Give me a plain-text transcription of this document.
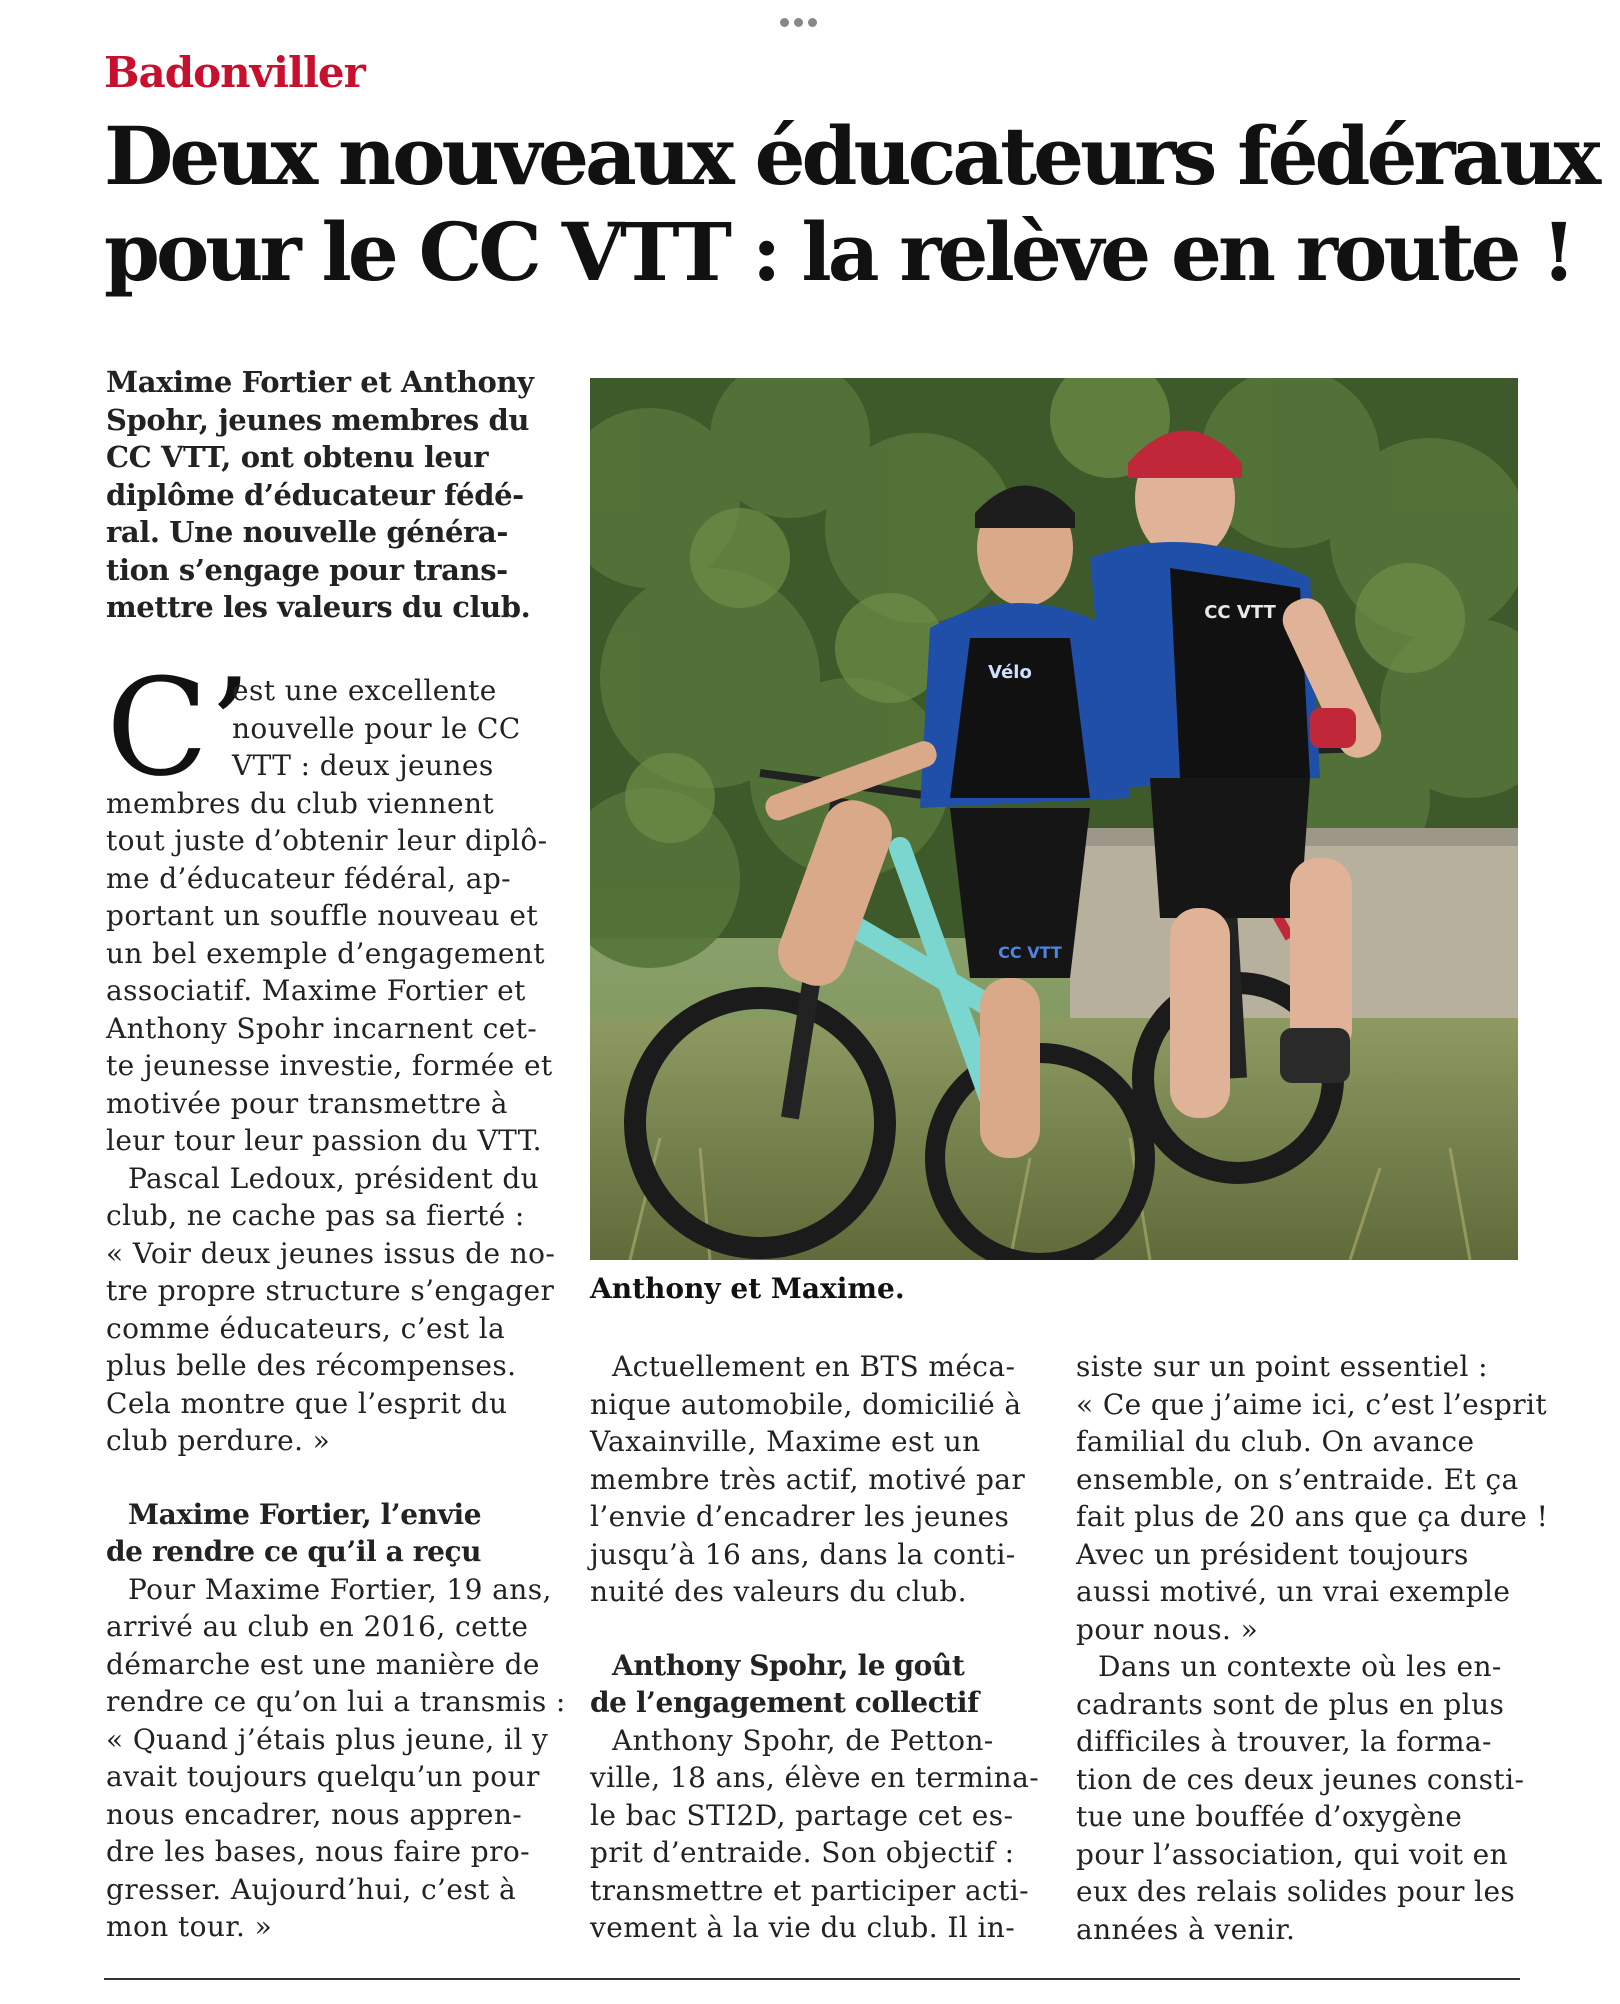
Badonviller
Deux nouveaux éducateurs fédéraux
pour le CC VTT : la relève en route !
Maxime Fortier et Anthony
Spohr, jeunes membres du
CC VTT, ont obtenu leur
diplôme d’éducateur fédé-
ral. Une nouvelle généra-
tion s’engage pour trans-
mettre les valeurs du club.
C’
est une excellente
nouvelle pour le CC
VTT : deux jeunes
membres du club viennent
tout juste d’obtenir leur diplô-
me d’éducateur fédéral, ap-
portant un souffle nouveau et
un bel exemple d’engagement
associatif. Maxime Fortier et
Anthony Spohr incarnent cet-
te jeunesse investie, formée et
motivée pour transmettre à
leur tour leur passion du VTT.
Pascal Ledoux, président du
club, ne cache pas sa fierté :
« Voir deux jeunes issus de no-
tre propre structure s’engager
comme éducateurs, c’est la
plus belle des récompenses.
Cela montre que l’esprit du
club perdure. »
Maxime Fortier, l’envie
de rendre ce qu’il a reçu
Pour Maxime Fortier, 19 ans,
arrivé au club en 2016, cette
démarche est une manière de
rendre ce qu’on lui a transmis :
« Quand j’étais plus jeune, il y
avait toujours quelqu’un pour
nous encadrer, nous appren-
dre les bases, nous faire pro-
gresser. Aujourd’hui, c’est à
mon tour. »
Vélo
CC VTT
CC VTT
Anthony et Maxime.
Actuellement en BTS méca-
nique automobile, domicilié à
Vaxainville, Maxime est un
membre très actif, motivé par
l’envie d’encadrer les jeunes
jusqu’à 16 ans, dans la conti-
nuité des valeurs du club.
Anthony Spohr, le goût
de l’engagement collectif
Anthony Spohr, de Petton-
ville, 18 ans, élève en termina-
le bac STI2D, partage cet es-
prit d’entraide. Son objectif :
transmettre et participer acti-
vement à la vie du club. Il in-
siste sur un point essentiel :
« Ce que j’aime ici, c’est l’esprit
familial du club. On avance
ensemble, on s’entraide. Et ça
fait plus de 20 ans que ça dure !
Avec un président toujours
aussi motivé, un vrai exemple
pour nous. »
Dans un contexte où les en-
cadrants sont de plus en plus
difficiles à trouver, la forma-
tion de ces deux jeunes consti-
tue une bouffée d’oxygène
pour l’association, qui voit en
eux des relais solides pour les
années à venir.
